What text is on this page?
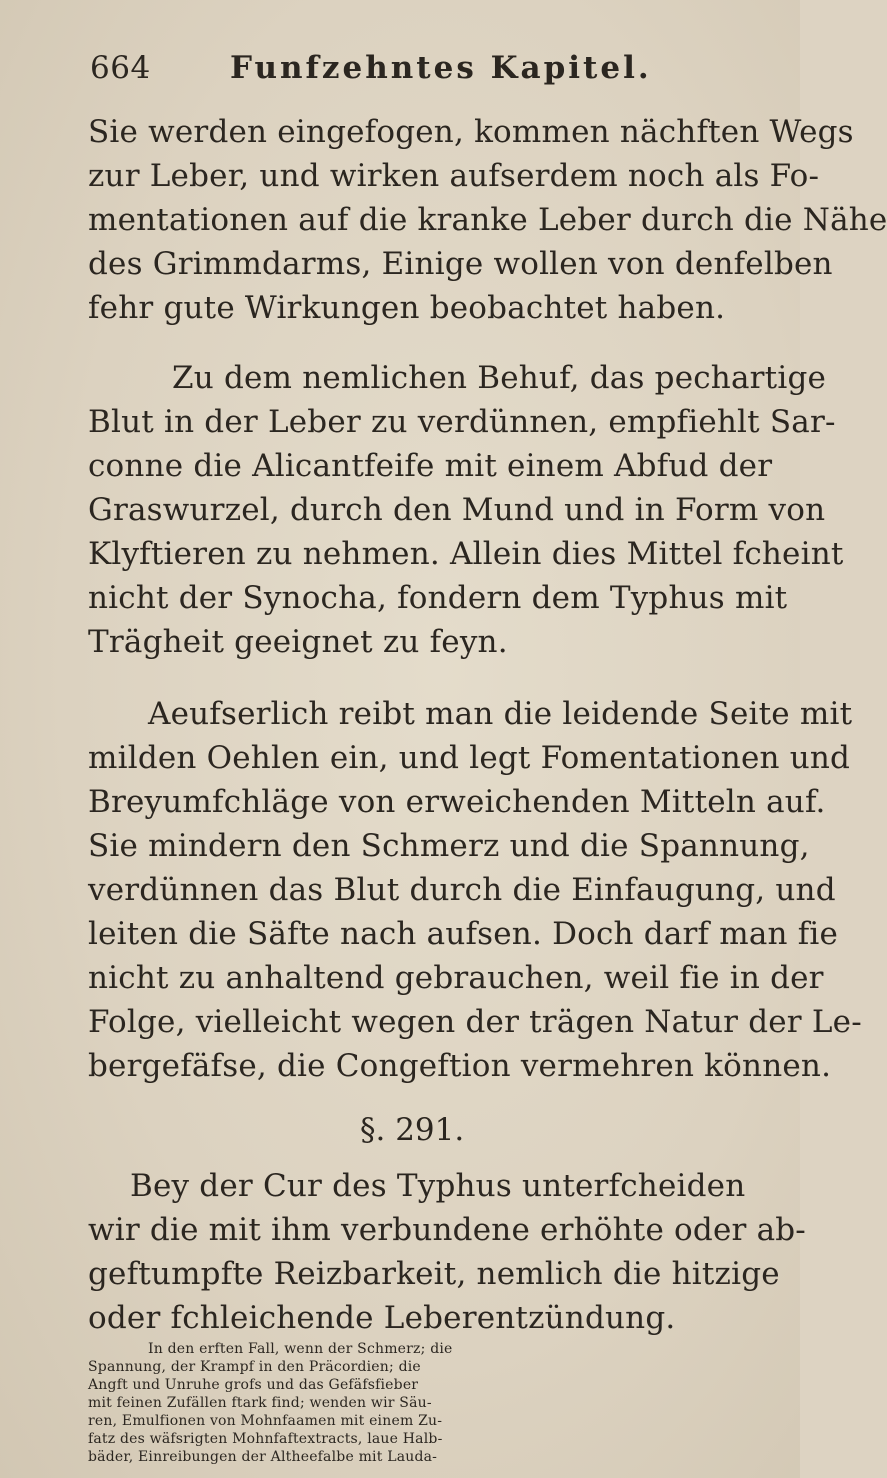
664	Funfzehntes Kapitel.
Sie werden eingefogen, kommen nächften Wegs
zur Leber, und wirken aufserdem noch als Fo-
mentationen auf die kranke Leber durch die Nähe
des Grimmdarms, Einige wollen von denfelben
fehr gute Wirkungen beobachtet haben.
Zu dem nemlichen Behuf, das pechartige
Blut in der Leber zu verdünnen, empfiehlt Sar-
conne die Alicantfeife mit einem Abfud der
Graswurzel, durch den Mund und in Form von
Klyftieren zu nehmen. Allein dies Mittel fcheint
nicht der Synocha, fondern dem Typhus mit
Trägheit geeignet zu feyn.
Aeufserlich reibt man die leidende Seite mit
milden Oehlen ein, und legt Fomentationen und
Breyumfchläge von erweichenden Mitteln auf.
Sie mindern den Schmerz und die Spannung,
verdünnen das Blut durch die Einfaugung, und
leiten die Säfte nach aufsen. Doch darf man fie
nicht zu anhaltend gebrauchen, weil fie in der
Folge, vielleicht wegen der trägen Natur der Le-
bergefäfse, die Congeftion vermehren können.
§. 291.
Bey der Cur des Typhus unterfcheiden
wir die mit ihm verbundene erhöhte oder ab-
geftumpfte Reizbarkeit, nemlich die hitzige
oder fchleichende Leberentzündung.
In den erften Fall, wenn der Schmerz; die
Spannung, der Krampf in den Präcordien; die
Angft und Unruhe grofs und das Gefäfsfieber
mit feinen Zufällen ftark find; wenden wir Säu-
ren, Emulfionen von Mohnfaamen mit einem Zu-
fatz des wäfsrigten Mohnfaftextracts, laue Halb-
bäder, Einreibungen der Altheefalbe mit Lauda-
